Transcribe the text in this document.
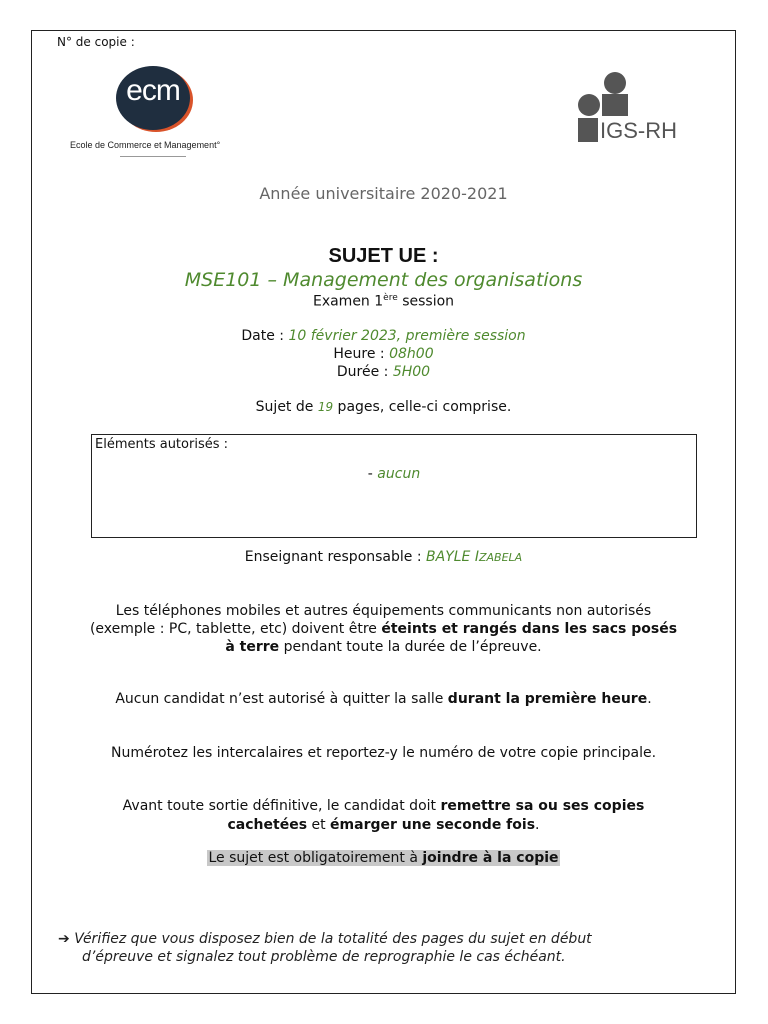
N° de copie :
ecm
Ecole de Commerce et Management°
IGS-RH
Année universitaire 2020-2021
SUJET UE :
MSE101 – Management des organisations
Examen 1ère session
Date : 10 février 2023, première session
Heure : 08h00
Durée : 5H00
Sujet de 19 pages, celle-ci comprise.
Eléments autorisés :
- aucun
Enseignant responsable : BAYLE IZABELA
Les téléphones mobiles et autres équipements communicants non autorisés
(exemple : PC, tablette, etc) doivent être éteints et rangés dans les sacs posés
à terre pendant toute la durée de l’épreuve.
Aucun candidat n’est autorisé à quitter la salle durant la première heure.
Numérotez les intercalaires et reportez-y le numéro de votre copie principale.
Avant toute sortie définitive, le candidat doit remettre sa ou ses copies
cachetées et émarger une seconde fois.
Le sujet est obligatoirement à joindre à la copie
➔ Vérifiez que vous disposez bien de la totalité des pages du sujet en début
d’épreuve et signalez tout problème de reprographie le cas échéant.
